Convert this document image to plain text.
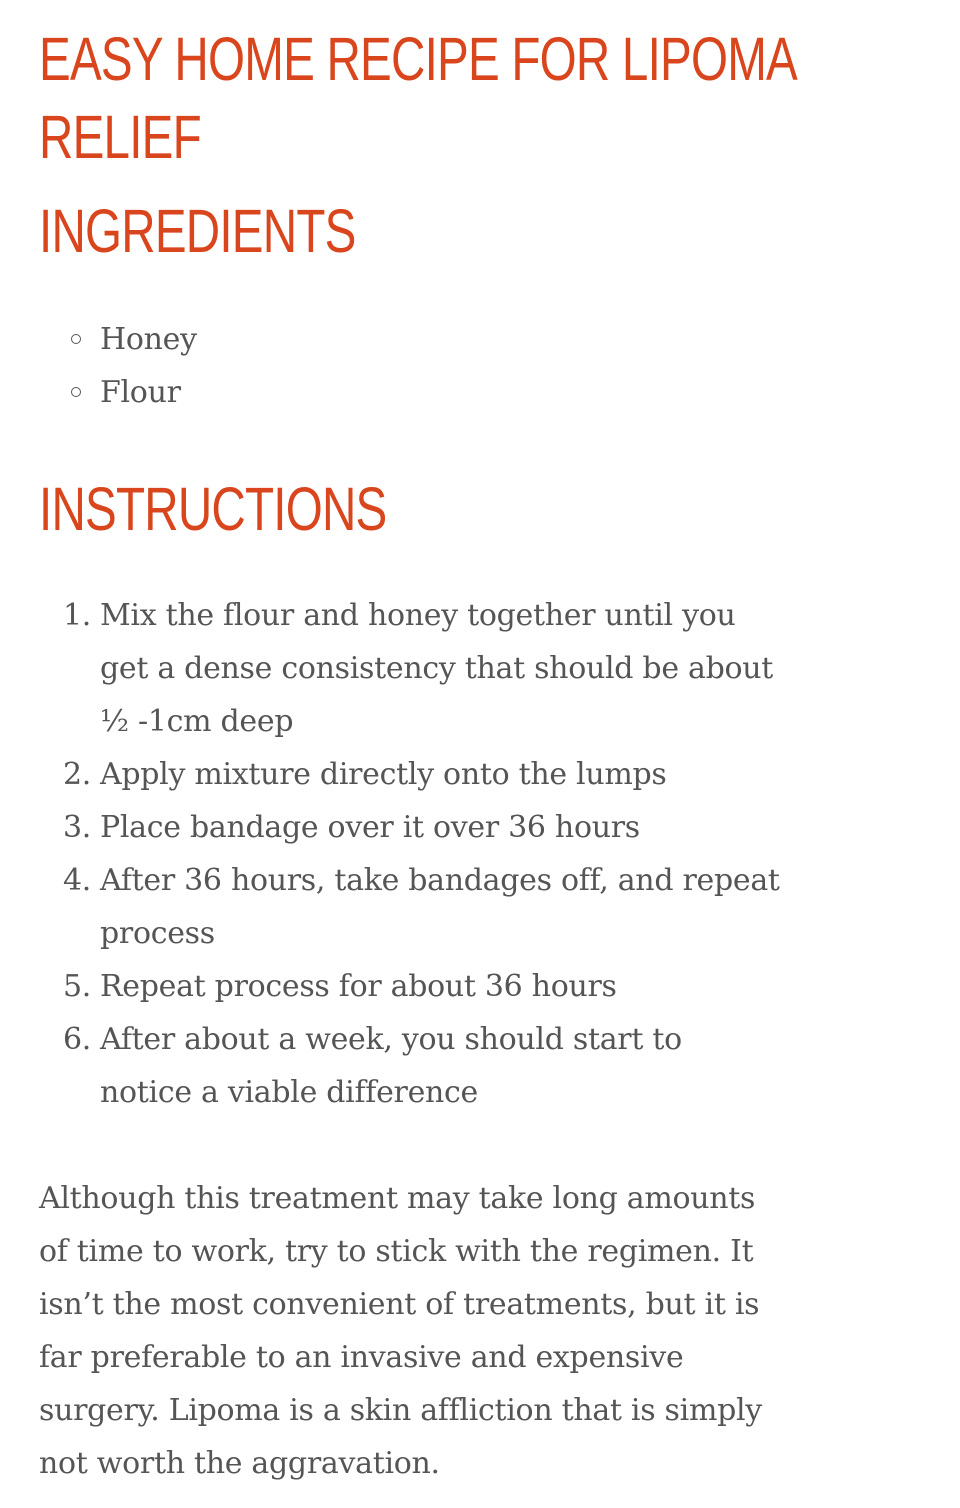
EASY HOME RECIPE FOR LIPOMA
RELIEF
INGREDIENTS
Honey
Flour
INSTRUCTIONS
1. Mix the flour and honey together until you
get a dense consistency that should be about
½ -1cm deep
2. Apply mixture directly onto the lumps
3. Place bandage over it over 36 hours
4. After 36 hours, take bandages off, and repeat
process
5. Repeat process for about 36 hours
6. After about a week, you should start to
notice a viable difference

Although this treatment may take long amounts
of time to work, try to stick with the regimen. It
isn’t the most convenient of treatments, but it is
far preferable to an invasive and expensive
surgery. Lipoma is a skin affliction that is simply
not worth the aggravation.
